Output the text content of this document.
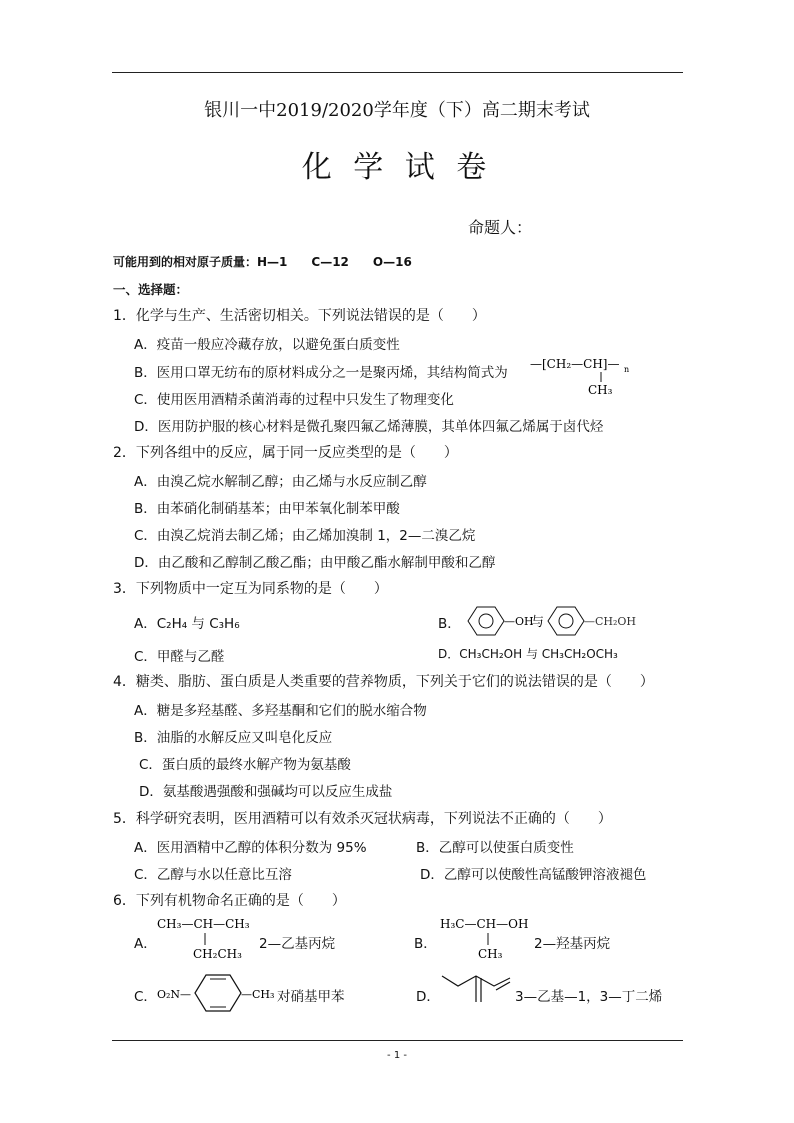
银川一中2019/2020学年度（下）高二期末考试
化 学 试 卷
命题人：
可能用到的相对原子质量：H—1　　C—12　　O—16
一、选择题：
1．化学与生产、生活密切相关。下列说法错误的是（　　）
A．疫苗一般应冷藏存放，以避免蛋白质变性
B．医用口罩无纺布的原材料成分之一是聚丙烯，其结构简式为
—[CH₂—CH]— n
CH₃
C．使用医用酒精杀菌消毒的过程中只发生了物理变化
D．医用防护服的核心材料是微孔聚四氟乙烯薄膜，其单体四氟乙烯属于卤代烃
2．下列各组中的反应，属于同一反应类型的是（　　）
A．由溴乙烷水解制乙醇；由乙烯与水反应制乙醇
B．由苯硝化制硝基苯；由甲苯氧化制苯甲酸
C．由溴乙烷消去制乙烯；由乙烯加溴制 1，2—二溴乙烷
D．由乙酸和乙醇制乙酸乙酯；由甲酸乙酯水解制甲酸和乙醇
3．下列物质中一定互为同系物的是（　　）
A．C₂H₄ 与 C₃H₆	B．	—OH
与	—CH₂OH
C．甲醛与乙醛	D．CH₃CH₂OH 与 CH₃CH₂OCH₃
4．糖类、脂肪、蛋白质是人类重要的营养物质，下列关于它们的说法错误的是（　　）
A．糖是多羟基醛、多羟基酮和它们的脱水缩合物
B．油脂的水解反应又叫皂化反应
C．蛋白质的最终水解产物为氨基酸
D．氨基酸遇强酸和强碱均可以反应生成盐
5．科学研究表明，医用酒精可以有效杀灭冠状病毒，下列说法不正确的（　　）
A．医用酒精中乙醇的体积分数为 95%	B．乙醇可以使蛋白质变性
C．乙醇与水以任意比互溶	D．乙醇可以使酸性高锰酸钾溶液褪色
6．下列有机物命名正确的是（　　）
A．
CH₃—CH—CH₃
CH₂CH₃
2—乙基丙烷	B．
H₃C—CH—OH
CH₃
2—羟基丙烷
C． O₂N—	—CH₃ 对硝基甲苯	D．	3—乙基—1，3—丁二烯
- 1 -
